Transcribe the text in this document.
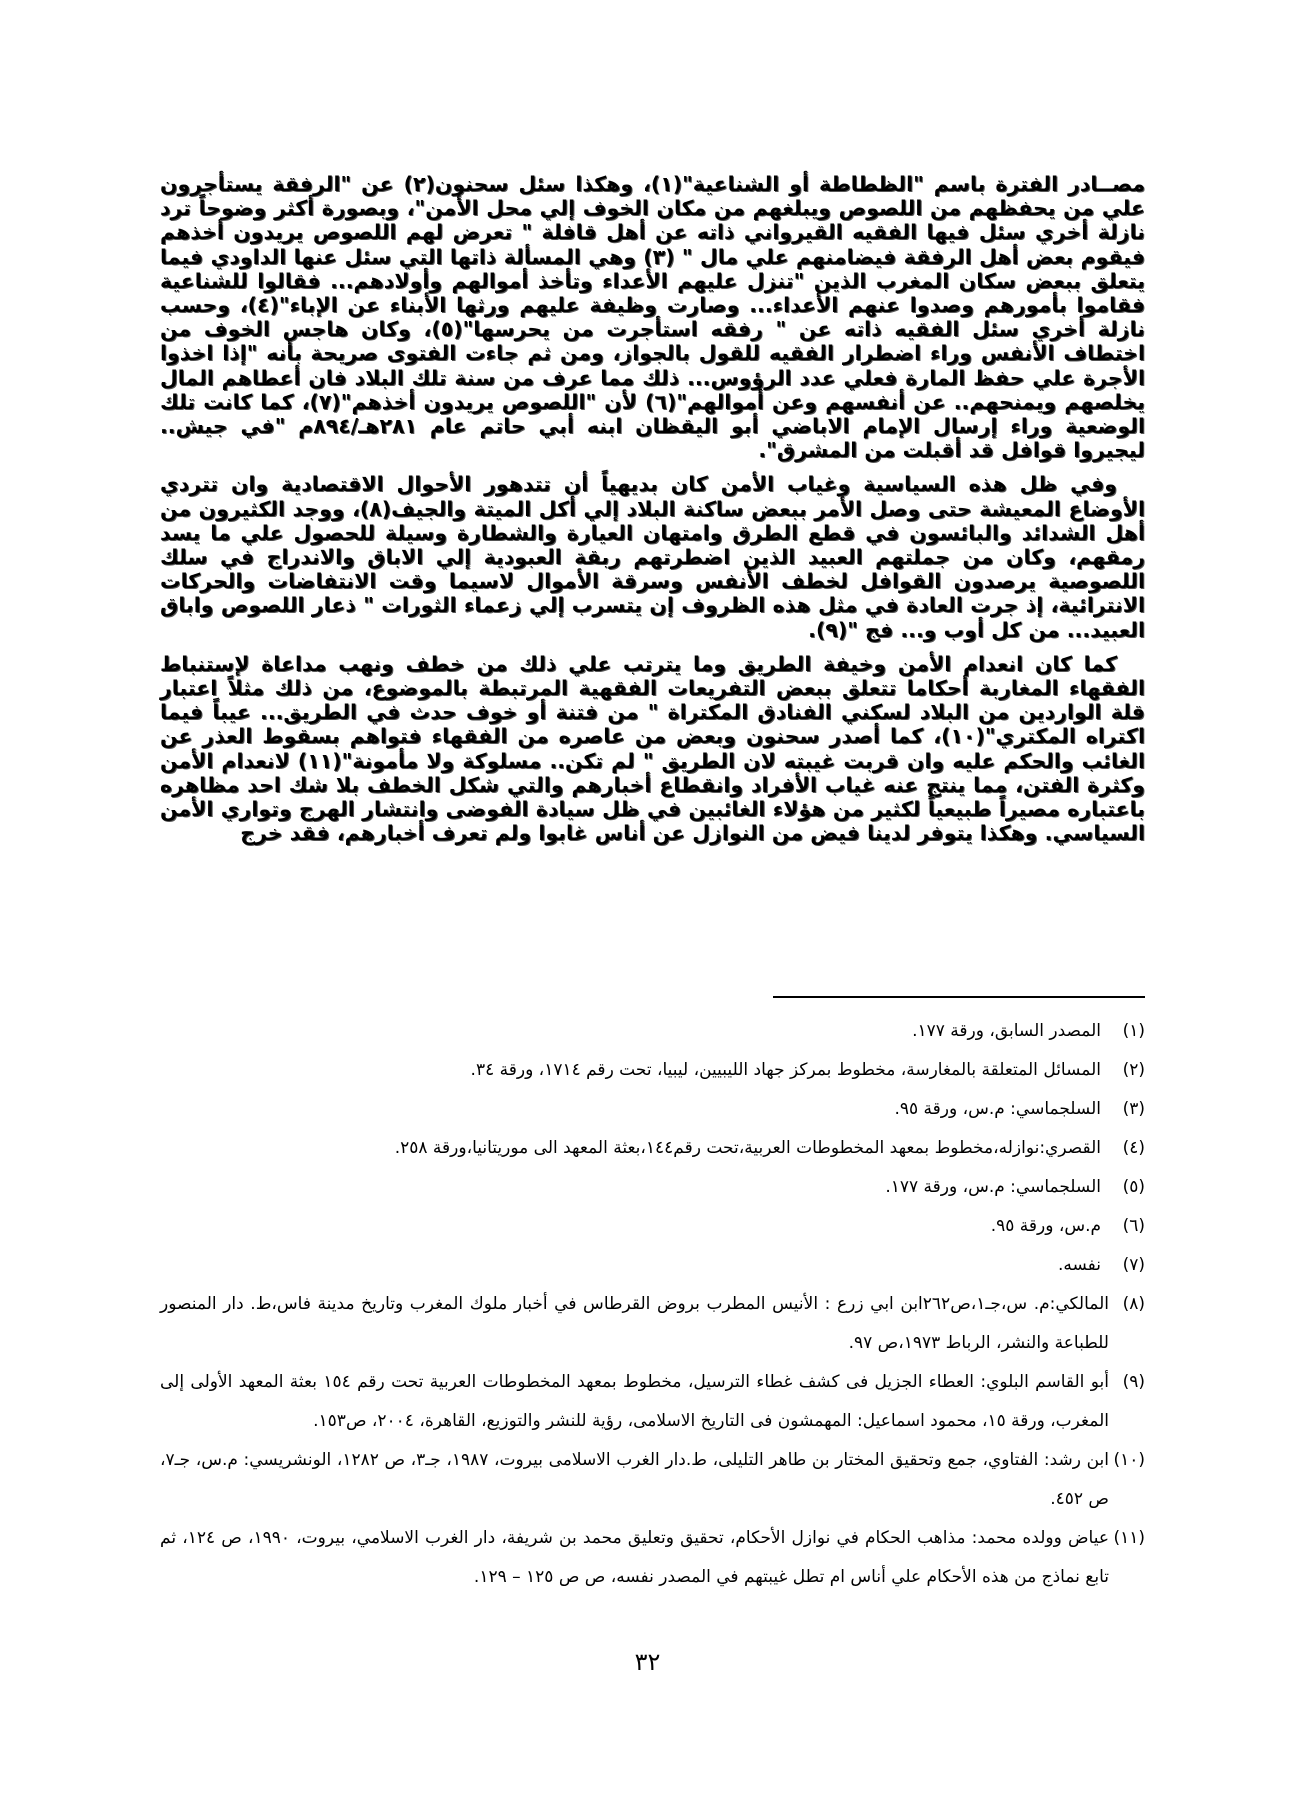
مصــادر الفترة باسم "الظطاطة أو الشناعية"(١)، وهكذا سئل سحنون(٢) عن "الرفقة يستأجرون علي من يحفظهم من اللصوص ويبلغهم من مكان الخوف إلي محل الأمن"، وبصورة أكثر وضوحاً ترد نازلة أخري سئل فيها الفقيه القيرواني ذاته عن أهل قافلة " تعرض لهم اللصوص يريدون أخذهم فيقوم بعض أهل الرفقة فيضامنهم علي مال " (٣) وهي المسألة ذاتها التي سئل عنها الداودي فيما يتعلق ببعض سكان المغرب الذين "تنزل عليهم الأعداء وتأخذ أموالهم وأولادهم... فقالوا للشناعية فقاموا بأمورهم وصدوا عنهم الأعداء... وصارت وظيفة عليهم ورثها الأبناء عن الإباء"(٤)، وحسب نازلة أخري سئل الفقيه ذاته عن " رفقه استأجرت من يحرسها"(٥)، وكان هاجس الخوف من اختطاف الأنفس وراء اضطرار الفقيه للقول بالجواز، ومن ثم جاءت الفتوى صريحة بأنه "إذا اخذوا الأجرة علي حفظ المارة فعلي عدد الرؤوس... ذلك مما عرف من سنة تلك البلاد فان أعطاهم المال يخلصهم ويمنحهم.. عن أنفسهم وعن أموالهم"(٦) لأن "اللصوص يريدون أخذهم"(٧)، كما كانت تلك الوضعية وراء إرسال الإمام الاباضي أبو اليقظان ابنه أبي حاتم عام ٢٨١هـ/٨٩٤م "في جيش.. ليجيروا قوافل قد أقبلت من المشرق".

وفي ظل هذه السياسية وغياب الأمن كان بديهياً أن تتدهور الأحوال الاقتصادية وان تتردي الأوضاع المعيشة حتى وصل الأمر ببعض ساكنة البلاد إلي أكل الميتة والجيف(٨)، ووجد الكثيرون من أهل الشدائد والبائسون في قطع الطرق وامتهان العيارة والشطارة وسيلة للحصول علي ما يسد رمقهم، وكان من جملتهم العبيد الذين اضطرتهم ربقة العبودية إلي الاباق والاندراج في سلك اللصوصية يرصدون القوافل لخطف الأنفس وسرقة الأموال لاسيما وقت الانتفاضات والحركات الانترائية، إذ جرت العادة في مثل هذه الظروف إن يتسرب إلي زعماء الثورات " ذعار اللصوص واباق العبيد... من كل أوب و... فج "(٩).

كما كان انعدام الأمن وخيفة الطريق وما يترتب علي ذلك من خطف ونهب مداعاة لإستنباط الفقهاء المغاربة أحكاما تتعلق ببعض التفريعات الفقهية المرتبطة بالموضوع، من ذلك مثلاً اعتبار قلة الواردين من البلاد لسكني الفنادق المكتراة " من فتنة أو خوف حدث في الطريق... عيباً فيما اكتراه المكتري"(١٠)، كما أصدر سحنون وبعض من عاصره من الفقهاء فتواهم بسقوط العذر عن الغائب والحكم عليه وان قربت غيبته لان الطريق " لم تكن.. مسلوكة ولا مأمونة"(١١) لانعدام الأمن وكثرة الفتن، مما ينتج عنه غياب الأفراد وانقطاع أخبارهم والتي شكل الخطف بلا شك احد مظاهره باعتباره مصيراً طبيعياً لكثير من هؤلاء الغائبين في ظل سيادة الفوضى وانتشار الهرج وتواري الأمن السياسي. وهكذا يتوفر لدينا فيض من النوازل عن أناس غابوا ولم تعرف أخبارهم، فقد خرج

(١)
المصدر السابق، ورقة ١٧٧.
(٢)
المسائل المتعلقة بالمغارسة، مخطوط بمركز جهاد الليبيين، ليبيا، تحت رقم ١٧١٤، ورقة ٣٤.
(٣)
السلجماسي: م.س، ورقة ٩٥.
(٤)
القصري:نوازله،مخطوط بمعهد المخطوطات العربية،تحت رقم١٤٤،بعثة المعهد الى موريتانيا،ورقة ٢٥٨.
(٥)
السلجماسي: م.س، ورقة ١٧٧.
(٦)
م.س، ورقة ٩٥.
(٧)
نفسه.
(٨)
المالكي:م. س،جـ١،ص٢٦٢ابن ابي زرع : الأنيس المطرب بروض القرطاس في أخبار ملوك المغرب وتاريخ مدينة فاس،ط. دار المنصور للطباعة والنشر، الرباط ١٩٧٣،ص ٩٧.
(٩)
أبو القاسم البلوي: العطاء الجزيل فى كشف غطاء الترسيل، مخطوط بمعهد المخطوطات العربية تحت رقم ١٥٤ بعثة المعهد الأولى إلى المغرب، ورقة ١٥، محمود اسماعيل: المهمشون فى التاريخ الاسلامى، رؤية للنشر والتوزيع، القاهرة، ٢٠٠٤، ص١٥٣.
(١٠)
ابن رشد: الفتاوي، جمع وتحقيق المختار بن طاهر التليلى، ط.دار الغرب الاسلامى بيروت، ١٩٨٧، جـ٣، ص ١٢٨٢، الونشريسي: م.س، جـ٧، ص ٤٥٢.
(١١)
عياض وولده محمد: مذاهب الحكام في نوازل الأحكام، تحقيق وتعليق محمد بن شريفة، دار الغرب الاسلامي، بيروت، ١٩٩٠، ص ١٢٤، ثم تابع نماذج من هذه الأحكام علي أناس ام تطل غيبتهم في المصدر نفسه، ص ص ١٢٥ – ١٢٩.
٣٢
